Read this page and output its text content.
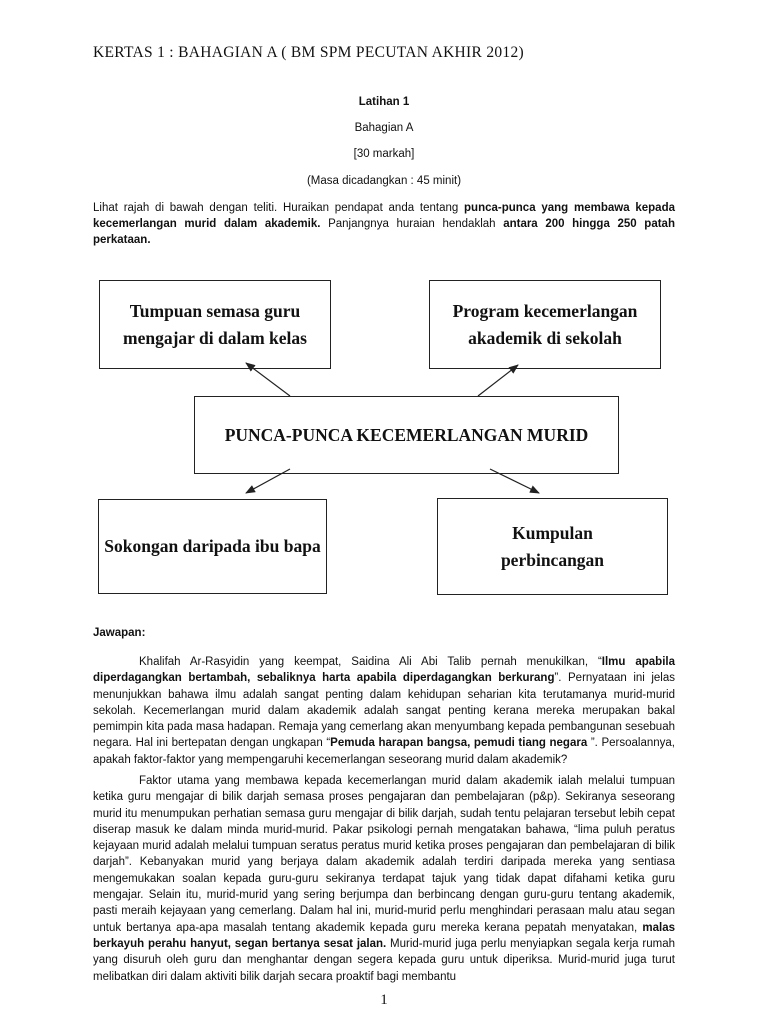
KERTAS 1 : BAHAGIAN A ( BM SPM PECUTAN AKHIR 2012)
Latihan 1
Bahagian A
[30 markah]
(Masa dicadangkan : 45 minit)

Lihat rajah di bawah dengan teliti. Huraikan pendapat anda tentang punca-punca yang membawa kepada kecemerlangan murid dalam akademik. Panjangnya huraian hendaklah antara 200 hingga 250 patah perkataan.

Tumpuan semasa guru mengajar di dalam kelas
Program kecemerlangan akademik di sekolah
PUNCA-PUNCA KECEMERLANGAN MURID
Sokongan daripada ibu bapa
Kumpulan perbincangan
Jawapan:

Khalifah Ar-Rasyidin yang keempat, Saidina Ali Abi Talib pernah menukilkan, “Ilmu apabila diperdagangkan bertambah, sebaliknya harta apabila diperdagangkan berkurang”. Pernyataan ini jelas menunjukkan bahawa ilmu adalah sangat penting dalam kehidupan seharian kita terutamanya murid-murid sekolah. Kecemerlangan murid dalam akademik adalah sangat penting kerana mereka merupakan bakal pemimpin kita pada masa hadapan. Remaja yang cemerlang akan menyumbang kepada pembangunan sesebuah negara. Hal ini bertepatan dengan ungkapan “Pemuda harapan bangsa, pemudi tiang negara ”. Persoalannya, apakah faktor-faktor yang mempengaruhi kecemerlangan seseorang murid dalam akademik?

Faktor utama yang membawa kepada kecemerlangan murid dalam akademik ialah melalui tumpuan ketika guru mengajar di bilik darjah semasa proses pengajaran dan pembelajaran (p&p). Sekiranya seseorang murid itu menumpukan perhatian semasa guru mengajar di bilik darjah, sudah tentu pelajaran tersebut lebih cepat diserap masuk ke dalam minda murid-murid. Pakar psikologi pernah mengatakan bahawa, “lima puluh peratus kejayaan murid adalah melalui tumpuan seratus peratus murid ketika proses pengajaran dan pembelajaran di bilik darjah”. Kebanyakan murid yang berjaya dalam akademik adalah terdiri daripada mereka yang sentiasa mengemukakan soalan kepada guru-guru sekiranya terdapat tajuk yang tidak dapat difahami ketika guru mengajar. Selain itu, murid-murid yang sering berjumpa dan berbincang dengan guru-guru tentang akademik, pasti meraih kejayaan yang cemerlang. Dalam hal ini, murid-murid perlu menghindari perasaan malu atau segan untuk bertanya apa-apa masalah tentang akademik kepada guru mereka kerana pepatah menyatakan, malas berkayuh perahu hanyut, segan bertanya sesat jalan. Murid-murid juga perlu menyiapkan segala kerja rumah yang disuruh oleh guru dan menghantar dengan segera kepada guru untuk diperiksa. Murid-murid juga turut melibatkan diri dalam aktiviti bilik darjah secara proaktif bagi membantu

1
